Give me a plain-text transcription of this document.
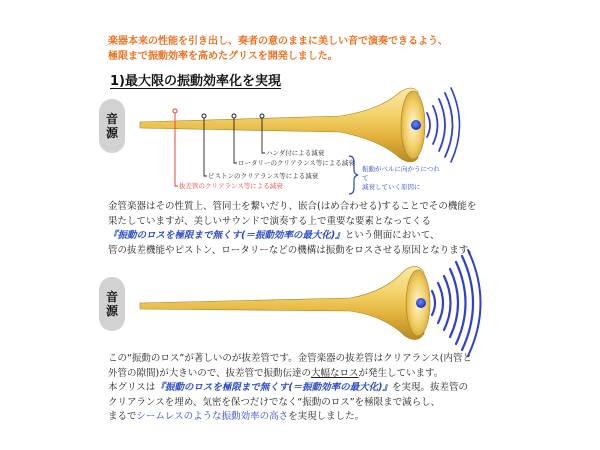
楽器本来の性能を引き出し、奏者の意のままに美しい音で演奏できるよう、

極限まで振動効率を高めたグリスを開発しました。

1)最大限の振動効率化を実現
音
源
音
源
ハンダ付による減衰
ロータリーのクリアランス等による減衰
ピストンのクリアランス等による減衰
抜差管のクリアランス等による減衰

振動がベルに向かうにつれて

減衰していく原因に

金管楽器はその性質上、管同士を繋いだり、嵌合(はめ合わせる)することでその機能を

果たしていますが、美しいサウンドで演奏する上で重要な要素となってくる

『振動のロスを極限まで無くす(＝振動効率の最大化)』という側面において、

管の抜差機能やピストン、ロータリーなどの機構は振動をロスさせる原因となります。

この“振動のロス”が著しいのが抜差管です。金管楽器の抜差管はクリアランス(内管と

外管の隙間)が大きいので、抜差管で振動伝達の大幅なロスが発生しています。

本グリスは『振動のロスを極限まで無くす(＝振動効率の最大化)』を実現。抜差管の

クリアランスを埋め、気密を保つだけでなく“振動のロス”を極限まで減らし、

まるでシームレスのような振動効率の高さを実現しました。
